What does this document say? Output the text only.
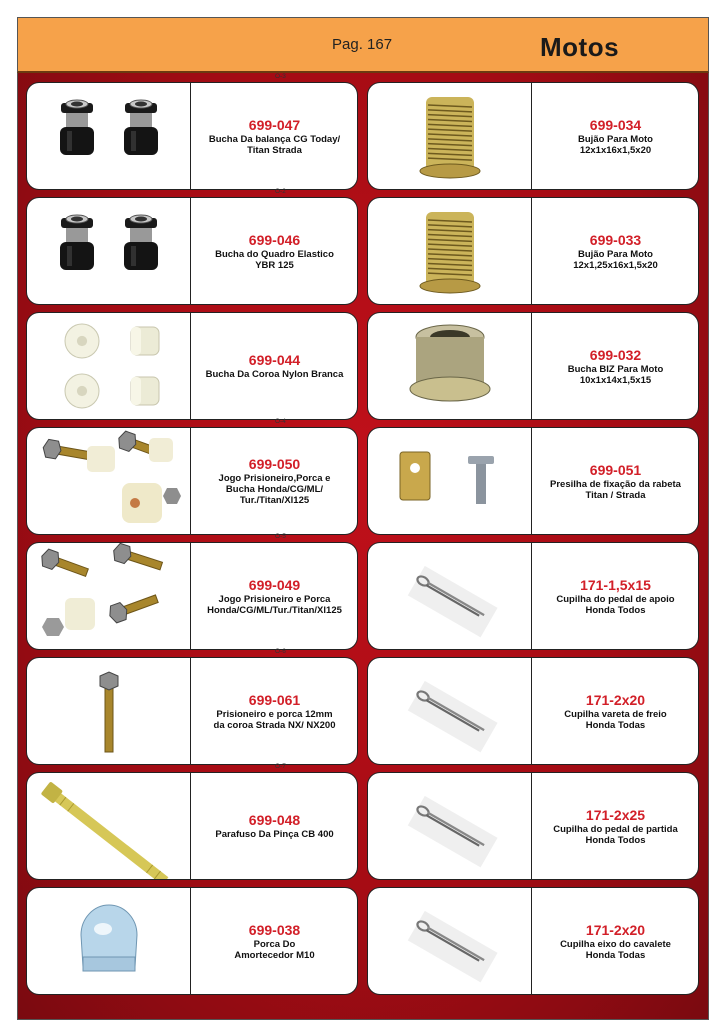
Pag. 167	Motos
O-3
699-047
Bucha Da balança CG Today/
Titan Strada
O-2
699-046
Bucha do Quadro Elastico
YBR 125
699-044
Bucha Da Coroa Nylon Branca
O-4
699-050
Jogo Prisioneiro,Porca e
Bucha Honda/CG/ML/
Tur./Titan/Xl125
O-5
699-049
Jogo Prisioneiro e Porca
Honda/CG/ML/Tur./Titan/Xl125
O-6
699-061
Prisioneiro e porca 12mm
da coroa Strada NX/ NX200
O-7
699-048
Parafuso Da Pinça CB 400
699-038
Porca Do
Amortecedor M10
699-034
Bujão Para Moto
12x1x16x1,5x20
699-033
Bujão Para Moto
12x1,25x16x1,5x20
699-032
Bucha BIZ Para Moto
10x1x14x1,5x15
699-051
Presilha de fixação da rabeta
Titan / Strada
171-1,5x15
Cupilha do pedal de apoio
Honda Todos
171-2x20
Cupilha vareta de freio
Honda Todas
171-2x25
Cupilha do pedal de partida
Honda Todos
171-2x20
Cupilha eixo do cavalete
Honda Todas
